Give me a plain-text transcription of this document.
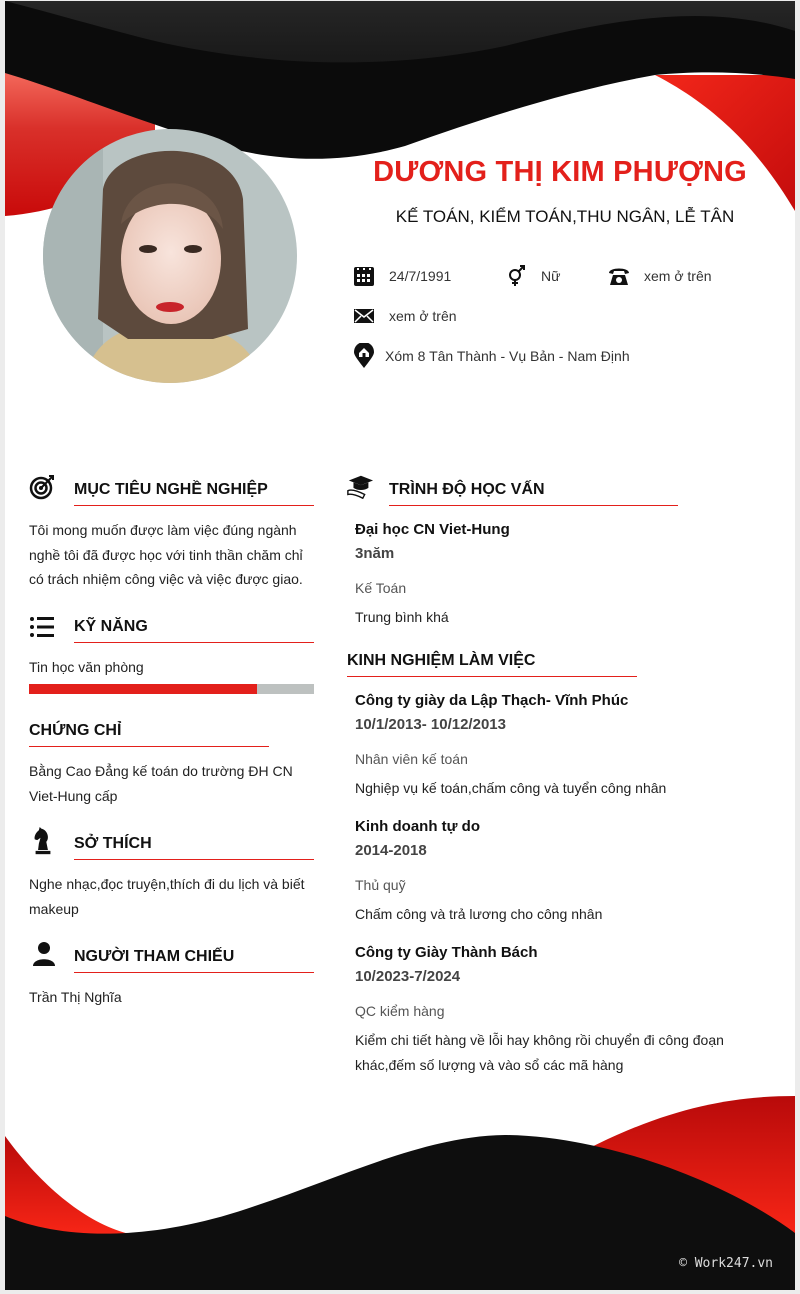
DƯƠNG THỊ KIM PHƯỢNG
KẾ TOÁN, KIỂM TOÁN,THU NGÂN, LỄ TÂN
24/7/1991	Nữ	xem ở trên
xem ở trên
Xóm 8 Tân Thành - Vụ Bản - Nam Định
MỤC TIÊU NGHỀ NGHIỆP
Tôi mong muốn được làm việc đúng ngành
nghề tôi đã được học với tinh thần chăm chỉ
có trách nhiệm công việc và việc được giao.
KỸ NĂNG
Tin học văn phòng
CHỨNG CHỈ
Bằng Cao Đẳng kế toán do trường ĐH CN
Viet-Hung cấp
SỞ THÍCH
Nghe nhạc,đọc truyện,thích đi du lịch và biết
makeup
NGƯỜI THAM CHIẾU
Trần Thị Nghĩa
TRÌNH ĐỘ HỌC VẤN
Đại học CN Viet-Hung
3năm
Kế Toán
Trung bình khá
KINH NGHIỆM LÀM VIỆC
Công ty giày da Lập Thạch- Vĩnh Phúc
10/1/2013- 10/12/2013
Nhân viên kế toán
Nghiệp vụ kế toán,chấm công và tuyển công nhân
Kinh doanh tự do
2014-2018
Thủ quỹ
Chấm công và trả lương cho công nhân
Công ty Giày Thành Bách
10/2023-7/2024
QC kiểm hàng
Kiểm chi tiết hàng về lỗi hay không rồi chuyển đi công đoạn
khác,đếm số lượng và vào sổ các mã hàng
© Work247.vn
